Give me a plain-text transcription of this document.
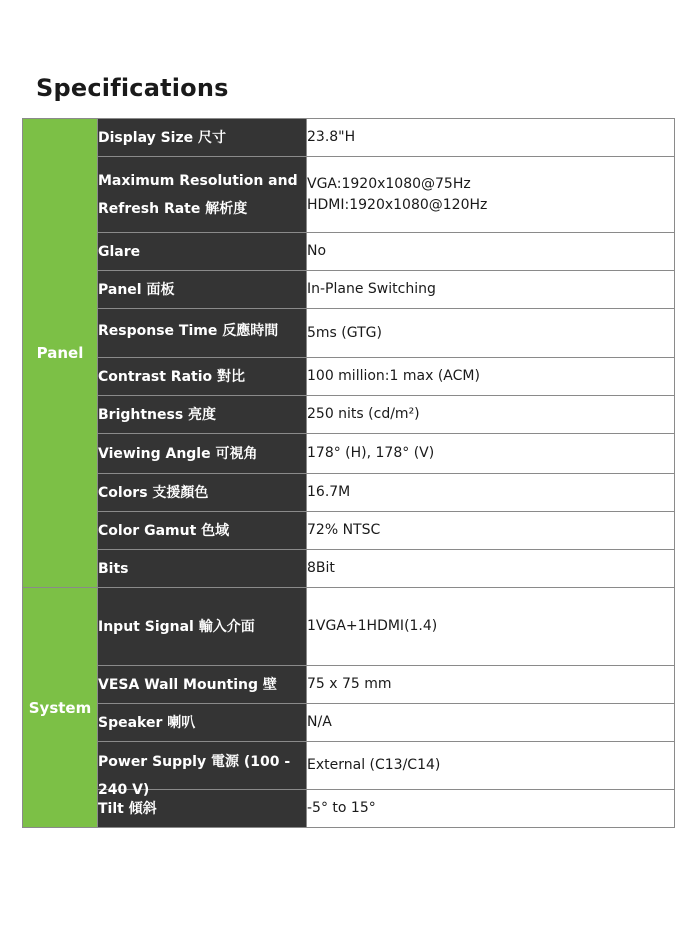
Specifications
Panel	Display Size 尺寸	23.8"H
	Maximum Resolution and Refresh Rate 解析度	VGA:1920x1080@75Hz
HDMI:1920x1080@120Hz

	Glare	No
	Panel 面板	In-Plane Switching

	Response Time 反應時間	5ms (GTG)
	Contrast Ratio 對比	100 million:1 max (ACM)
	Brightness 亮度	250 nits (cd/m²)
	Viewing Angle 可視角	178° (H), 178° (V)
	Colors 支援顏色	16.7M
	Color Gamut 色域	72% NTSC
	Bits	8Bit
System	Input Signal 輸入介面	1VGA+1HDMI(1.4)

	VESA Wall Mounting 壁	75 x 75 mm
	Speaker 喇叭	N/A

	Power Supply 電源 (100 - 240 V)	External (C13/C14)
	Tilt 傾斜	-5° to 15°
